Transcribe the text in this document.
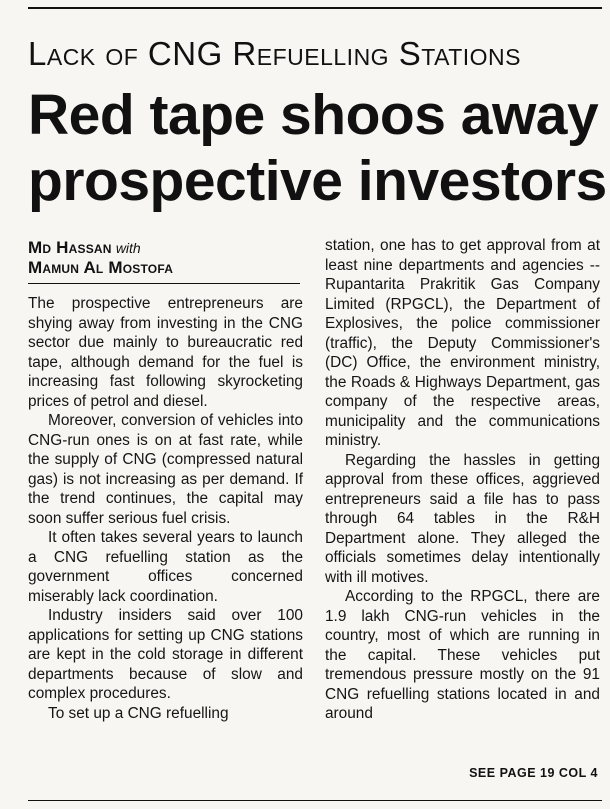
Lack of CNG Refuelling Stations
Red tape shoos away
prospective investors
Md Hassan with
Mamun Al Mostofa

The prospective entrepreneurs are shying away from investing in the CNG sector due mainly to bureaucratic red tape, although demand for the fuel is increasing fast following skyrocketing prices of petrol and diesel.

Moreover, conversion of vehicles into CNG-run ones is on at fast rate, while the supply of CNG (compressed natural gas) is not increasing as per demand. If the trend continues, the capital may soon suffer serious fuel crisis.

It often takes several years to launch a CNG refuelling station as the government offices concerned miserably lack coordination.

Industry insiders said over 100 applications for setting up CNG stations are kept in the cold storage in different departments because of slow and complex procedures.

To set up a CNG refuelling

station, one has to get approval from at least nine departments and agencies -- Rupantarita Prakritik Gas Company Limited (RPGCL), the Department of Explosives, the police commissioner (traffic), the Deputy Commissioner's (DC) Office, the environment ministry, the Roads & Highways Department, gas company of the respective areas, municipality and the communications ministry.

Regarding the hassles in getting approval from these offices, aggrieved entrepreneurs said a file has to pass through 64 tables in the R&H Department alone. They alleged the officials sometimes delay intentionally with ill motives.

According to the RPGCL, there are 1.9 lakh CNG-run vehicles in the country, most of which are running in the capital. These vehicles put tremendous pressure mostly on the 91 CNG refuelling stations located in and around

SEE PAGE 19 COL 4
